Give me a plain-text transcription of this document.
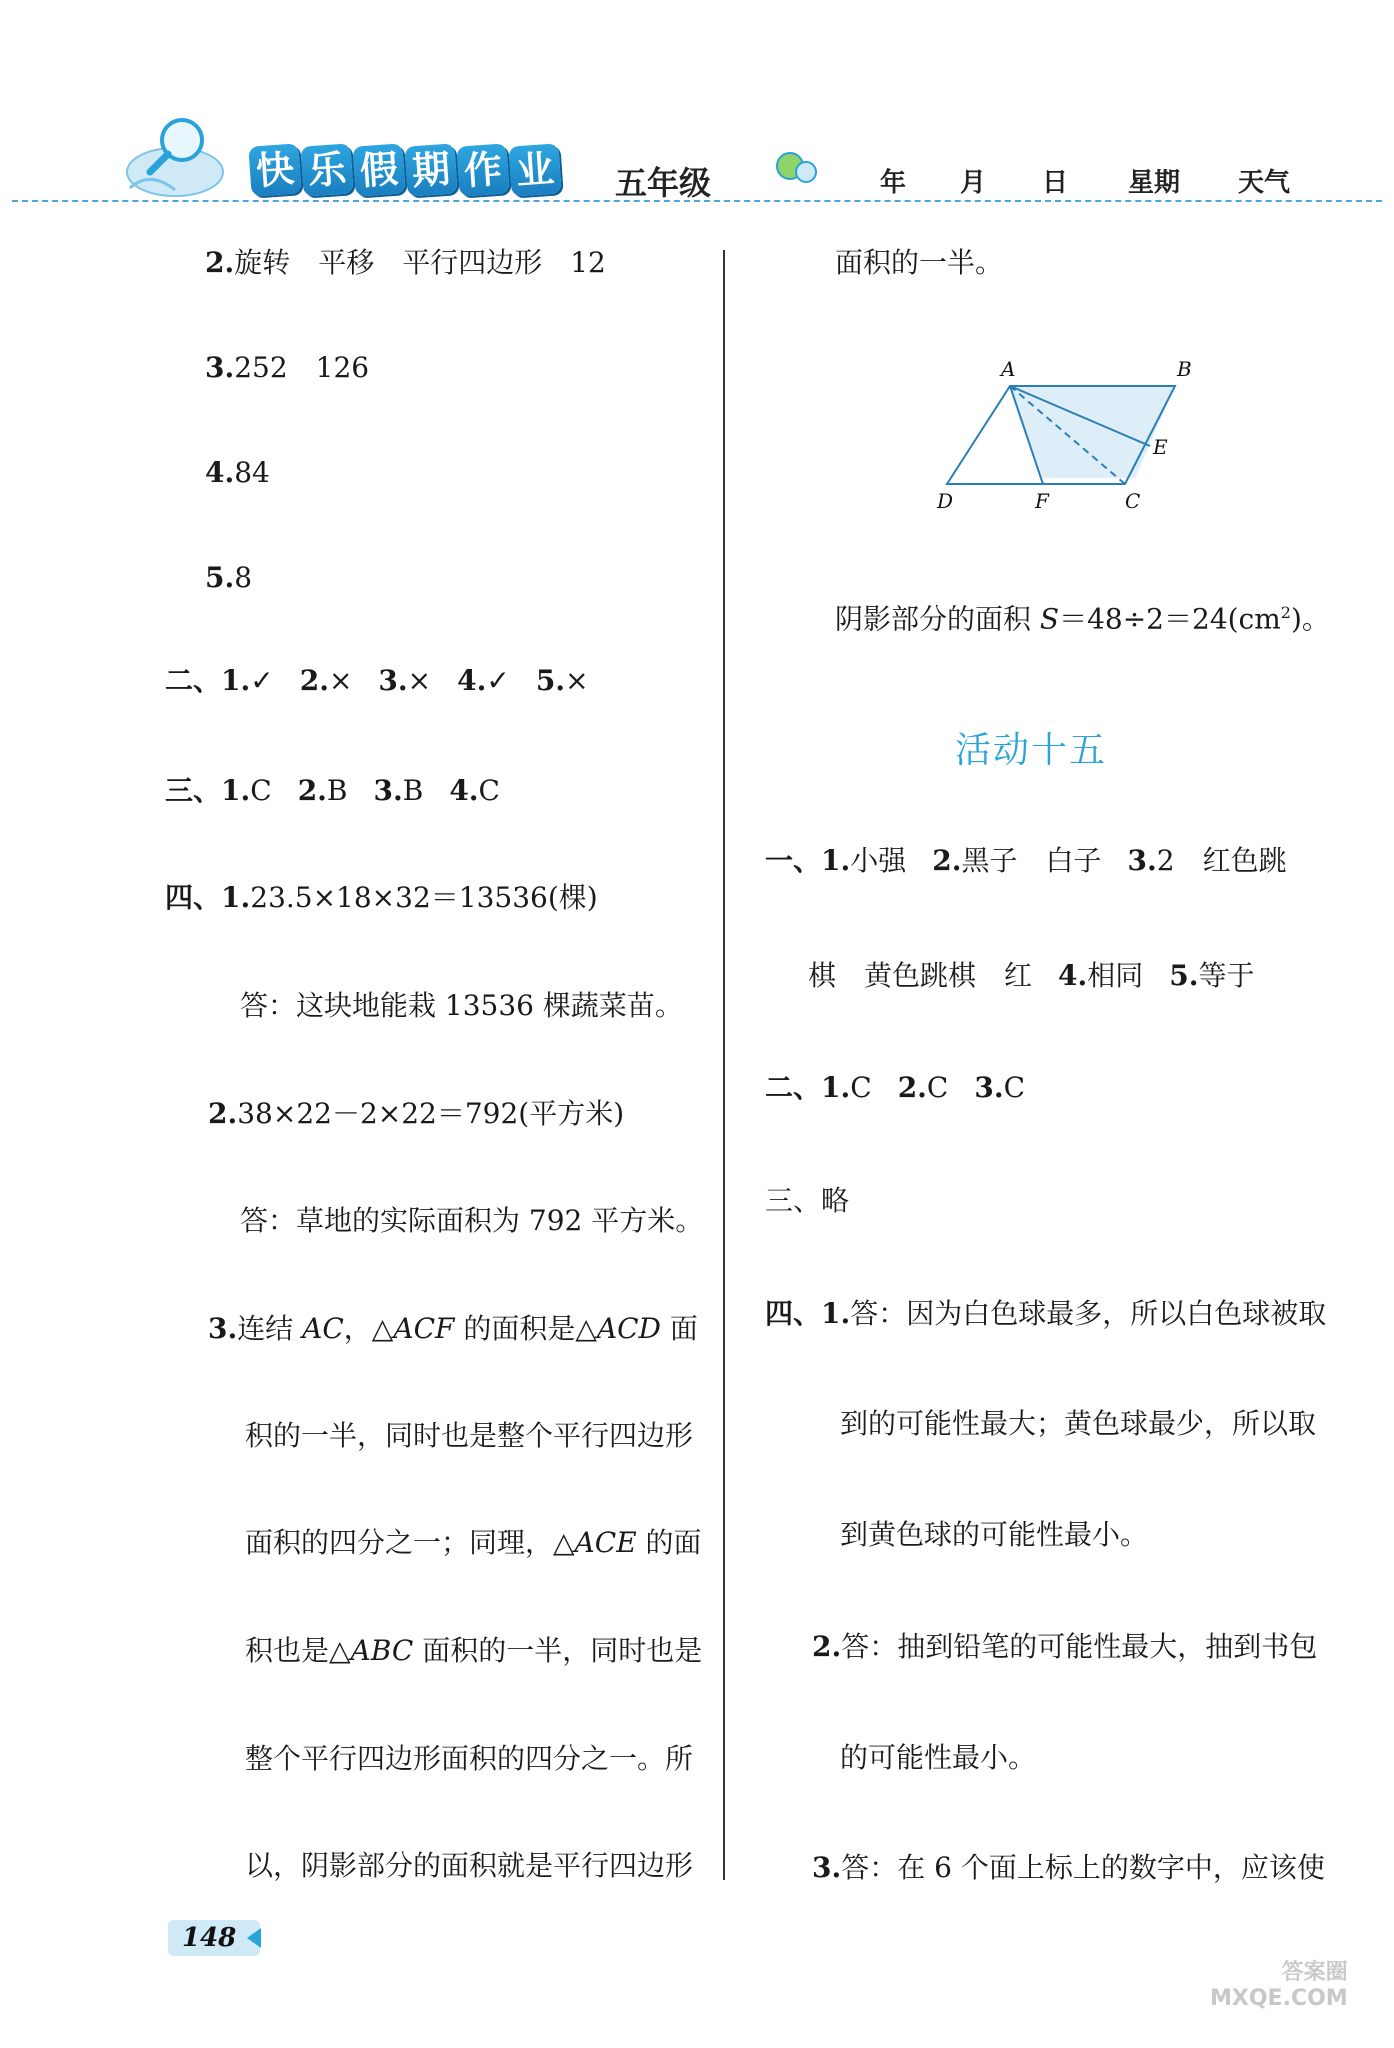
快 乐 假 期 作 业 五年级	年 月 日 星期 天气
2.旋转　平移　平行四边形　12
3.252　126
4.84
5.8
二、1.✓ 2.× 3.× 4.✓ 5.×
三、1.C 2.B 3.B 4.C
四、1.23.5×18×32＝13536(棵)
答：这块地能栽 13536 棵蔬菜苗。
2.38×22－2×22＝792(平方米)
答：草地的实际面积为 792 平方米。
3.连结 AC，△ACF 的面积是△ACD 面
积的一半，同时也是整个平行四边形
面积的四分之一；同理，△ACE 的面
积也是△ABC 面积的一半，同时也是
整个平行四边形面积的四分之一。所
以，阴影部分的面积就是平行四边形
面积的一半。
A	B
C
D
E
F
阴影部分的面积 $S=48\div 2=24(cm^2)$。
活动十五
一、1.小强 2.黑子　白子 3.2　红色跳
棋　黄色跳棋　红 4.相同 5.等于
二、1.C 2.C 3.C
三、略
四、1.答：因为白色球最多，所以白色球被取
到的可能性最大；黄色球最少，所以取
到黄色球的可能性最小。
2.答：抽到铅笔的可能性最大，抽到书包
的可能性最小。
3.答：在 6 个面上标上的数字中，应该使
148
答案圈
MXQE.COM
